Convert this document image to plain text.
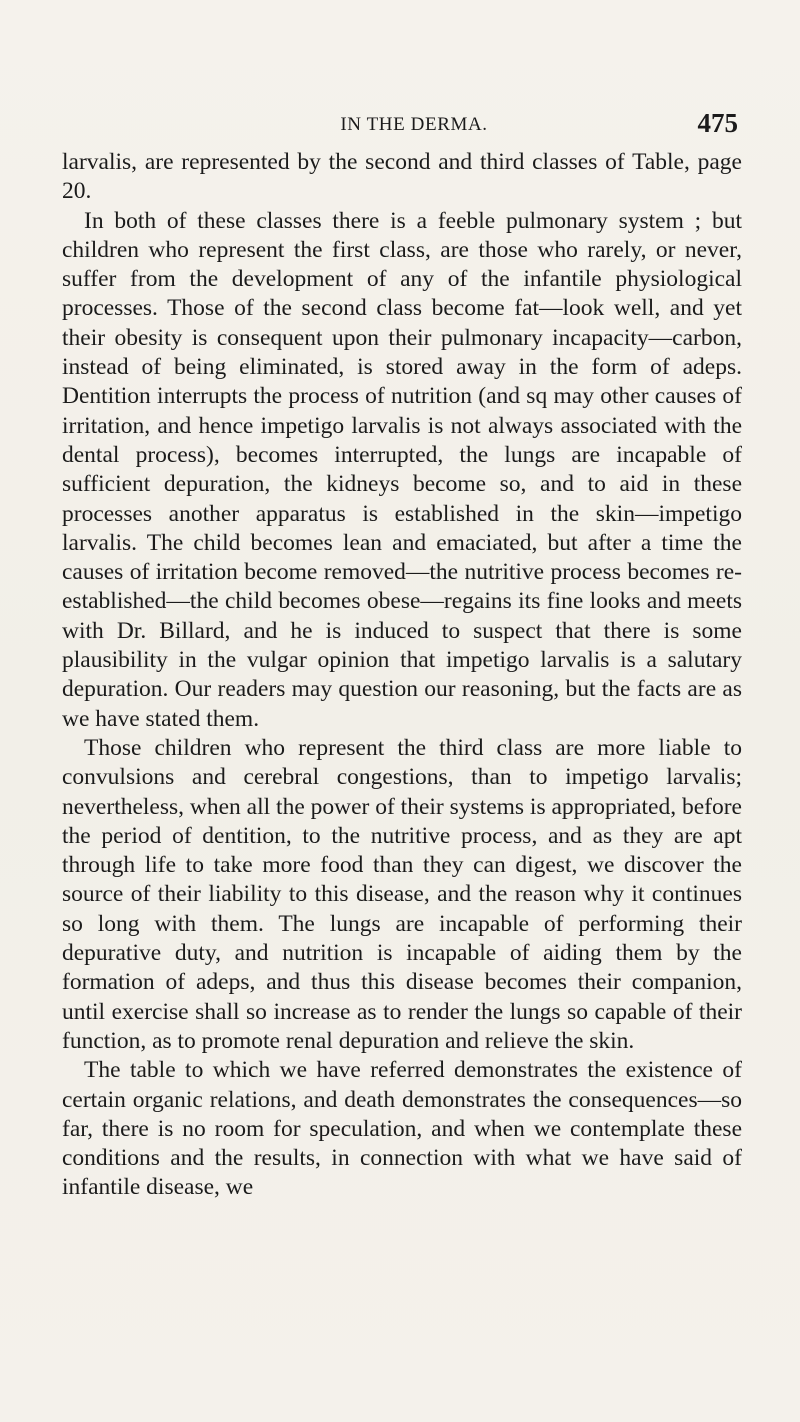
IN THE DERMA.	475

larvalis, are represented by the second and third classes of Table, page 20.

In both of these classes there is a feeble pulmonary system ; but children who represent the first class, are those who rarely, or never, suffer from the development of any of the infantile physiological processes. Those of the second class become fat—look well, and yet their obesity is consequent upon their pulmonary incapacity—carbon, instead of being eliminated, is stored away in the form of adeps. Dentition interrupts the process of nutrition (and sq may other causes of irritation, and hence impetigo larvalis is not always associated with the dental process), becomes interrupted, the lungs are incapable of sufficient depuration, the kidneys become so, and to aid in these processes another apparatus is established in the skin—impetigo larvalis. The child becomes lean and emaciated, but after a time the causes of irritation become removed—the nutritive process becomes re-established—the child becomes obese—regains its fine looks and meets with Dr. Billard, and he is induced to suspect that there is some plausibility in the vulgar opinion that impetigo larvalis is a salutary depuration. Our readers may question our reasoning, but the facts are as we have stated them.

Those children who represent the third class are more liable to convulsions and cerebral congestions, than to impetigo larvalis; nevertheless, when all the power of their systems is appropriated, before the period of dentition, to the nutritive process, and as they are apt through life to take more food than they can digest, we discover the source of their liability to this disease, and the reason why it continues so long with them. The lungs are incapable of performing their depurative duty, and nutrition is incapable of aiding them by the formation of adeps, and thus this disease becomes their companion, until exercise shall so increase as to render the lungs so capable of their function, as to promote renal depuration and relieve the skin.

The table to which we have referred demonstrates the existence of certain organic relations, and death demonstrates the consequences—so far, there is no room for speculation, and when we contemplate these conditions and the results, in connection with what we have said of infantile disease, we
